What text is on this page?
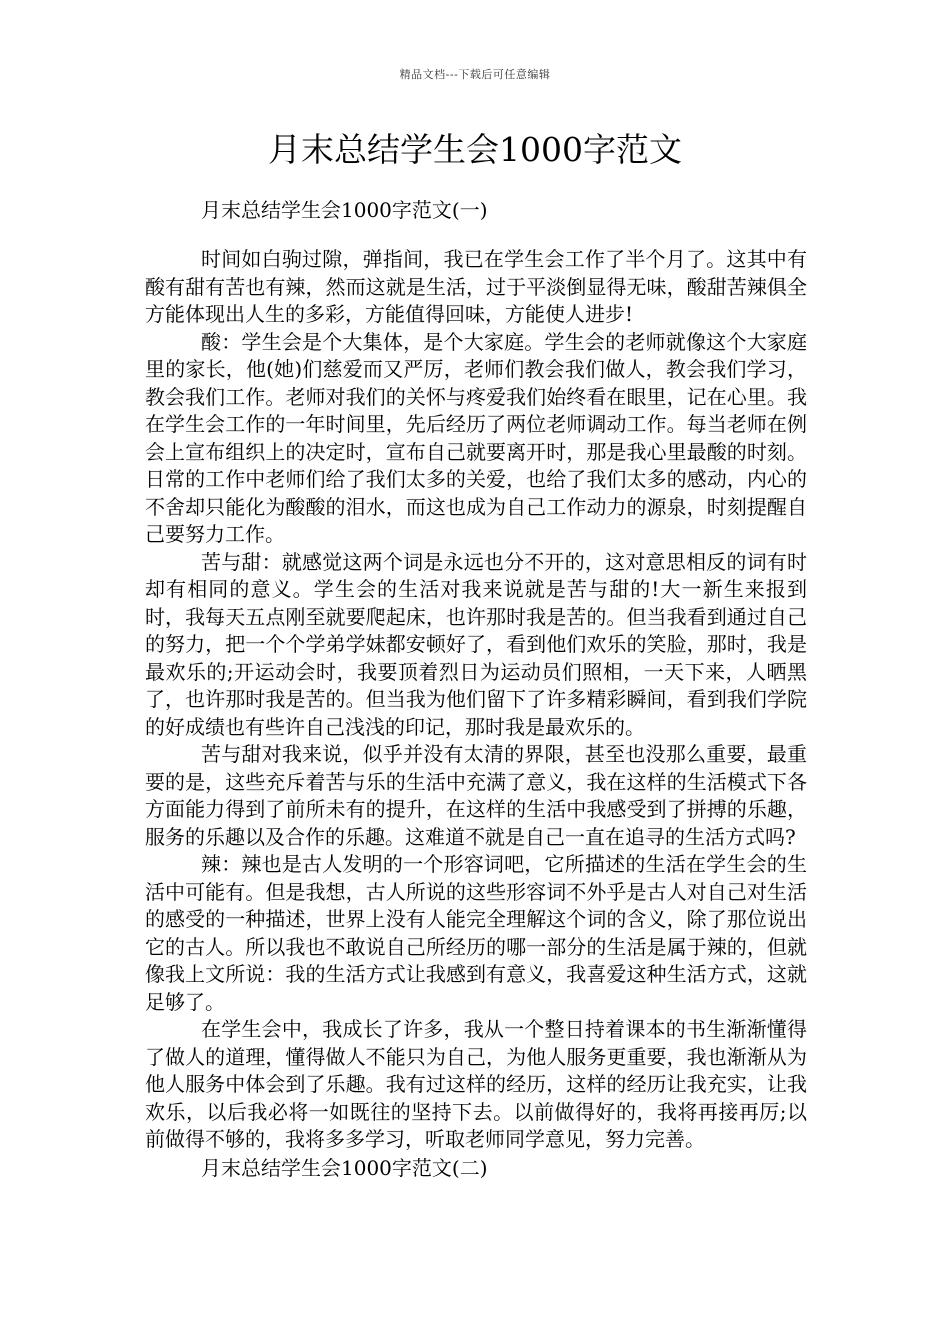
精品文档---下载后可任意编辑
月末总结学生会1000字范文

月末总结学生会1000字范文(一)

时间如白驹过隙，弹指间，我已在学生会工作了半个月了。这其中有酸有甜有苦也有辣，然而这就是生活，过于平淡倒显得无味，酸甜苦辣俱全方能体现出人生的多彩，方能值得回味，方能使人进步!

酸：学生会是个大集体，是个大家庭。学生会的老师就像这个大家庭里的家长，他(她)们慈爱而又严厉，老师们教会我们做人，教会我们学习，教会我们工作。老师对我们的关怀与疼爱我们始终看在眼里，记在心里。我在学生会工作的一年时间里，先后经历了两位老师调动工作。每当老师在例会上宣布组织上的决定时，宣布自己就要离开时，那是我心里最酸的时刻。日常的工作中老师们给了我们太多的关爱，也给了我们太多的感动，内心的不舍却只能化为酸酸的泪水，而这也成为自己工作动力的源泉，时刻提醒自己要努力工作。

苦与甜：就感觉这两个词是永远也分不开的，这对意思相反的词有时却有相同的意义。学生会的生活对我来说就是苦与甜的!大一新生来报到时，我每天五点刚至就要爬起床，也许那时我是苦的。但当我看到通过自己的努力，把一个个学弟学妹都安顿好了，看到他们欢乐的笑脸，那时，我是最欢乐的;开运动会时，我要顶着烈日为运动员们照相，一天下来，人晒黑了，也许那时我是苦的。但当我为他们留下了许多精彩瞬间，看到我们学院的好成绩也有些许自己浅浅的印记，那时我是最欢乐的。

苦与甜对我来说，似乎并没有太清的界限，甚至也没那么重要，最重要的是，这些充斥着苦与乐的生活中充满了意义，我在这样的生活模式下各方面能力得到了前所未有的提升，在这样的生活中我感受到了拼搏的乐趣，服务的乐趣以及合作的乐趣。这难道不就是自己一直在追寻的生活方式吗?

辣：辣也是古人发明的一个形容词吧，它所描述的生活在学生会的生活中可能有。但是我想，古人所说的这些形容词不外乎是古人对自己对生活的感受的一种描述，世界上没有人能完全理解这个词的含义，除了那位说出它的古人。所以我也不敢说自己所经历的哪一部分的生活是属于辣的，但就像我上文所说：我的生活方式让我感到有意义，我喜爱这种生活方式，这就足够了。

在学生会中，我成长了许多，我从一个整日持着课本的书生渐渐懂得了做人的道理，懂得做人不能只为自己，为他人服务更重要，我也渐渐从为他人服务中体会到了乐趣。我有过这样的经历，这样的经历让我充实，让我欢乐，以后我必将一如既往的坚持下去。以前做得好的，我将再接再厉;以前做得不够的，我将多多学习，听取老师同学意见，努力完善。

月末总结学生会1000字范文(二)
